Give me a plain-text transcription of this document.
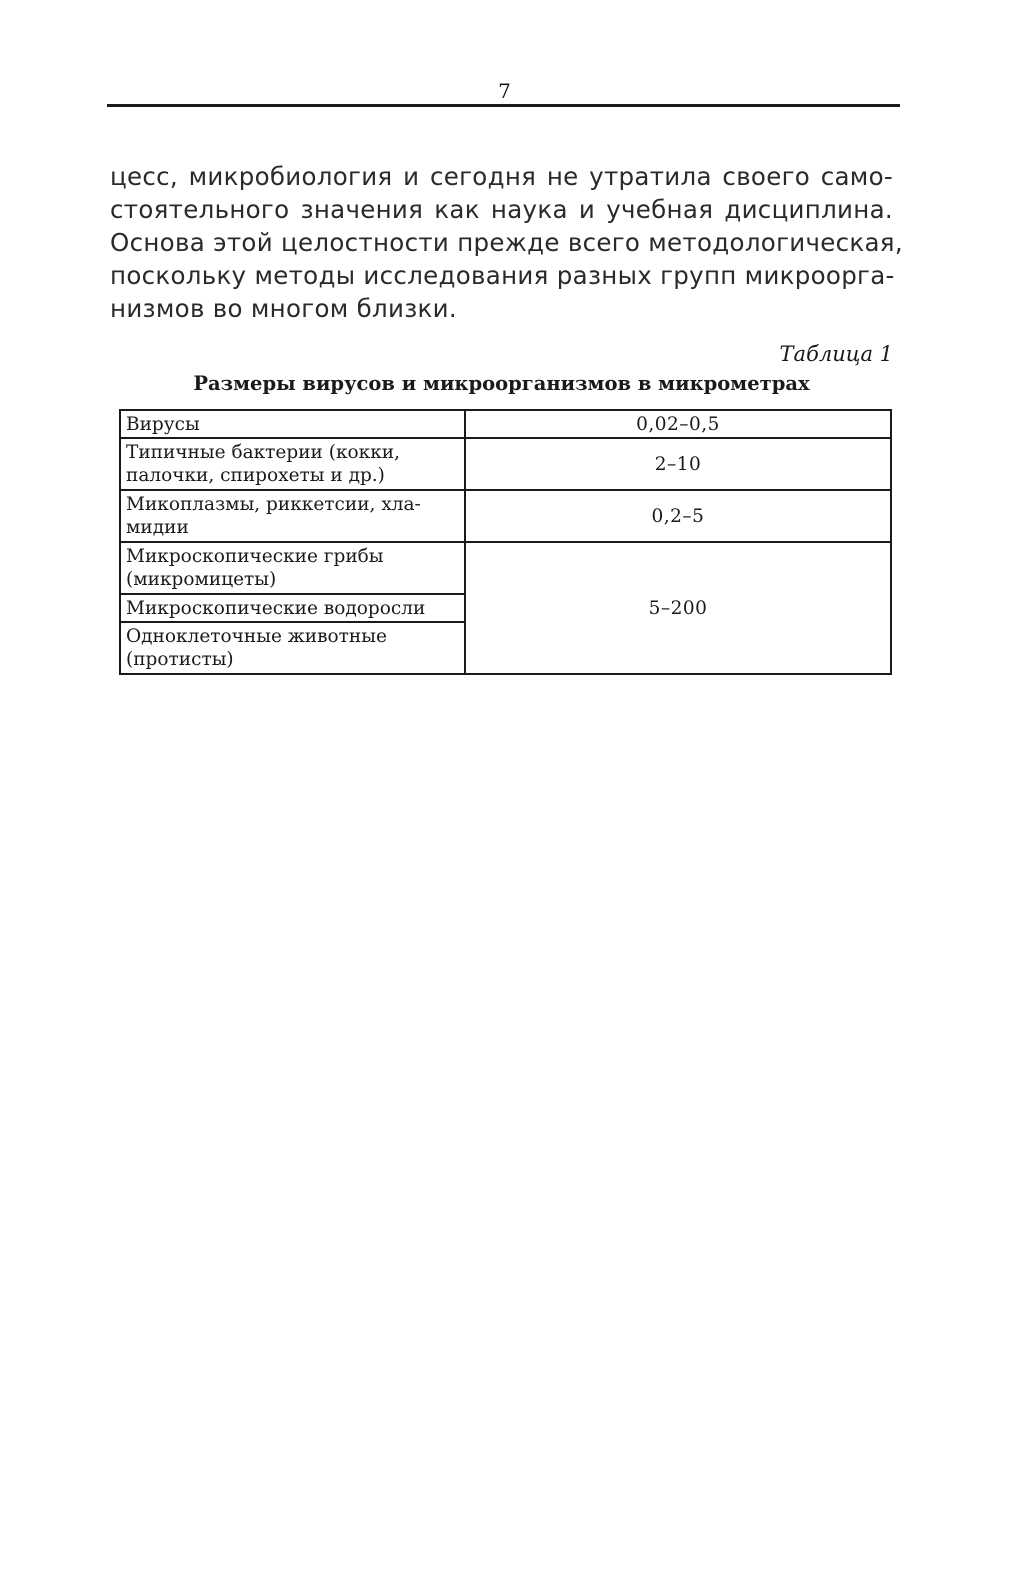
7
цесс, микробиология и сегодня не утратила своего само-
стоятельного значения как наука и учебная дисциплина.
Основа этой целостности прежде всего методологическая,
поскольку методы исследования разных групп микроорга-
низмов во многом близки.
Таблица 1
Размеры вирусов и микроорганизмов в микрометрах
Вирусы	0,02–0,5

Типичные бактерии (кокки,
палочки, спирохеты и др.)	2–10

Микоплазмы, риккетсии, хла-
мидии	0,2–5

Микроскопические грибы
(микромицеты)	5–200

Микроскопические водоросли	

Одноклеточные животные
(протисты)	
